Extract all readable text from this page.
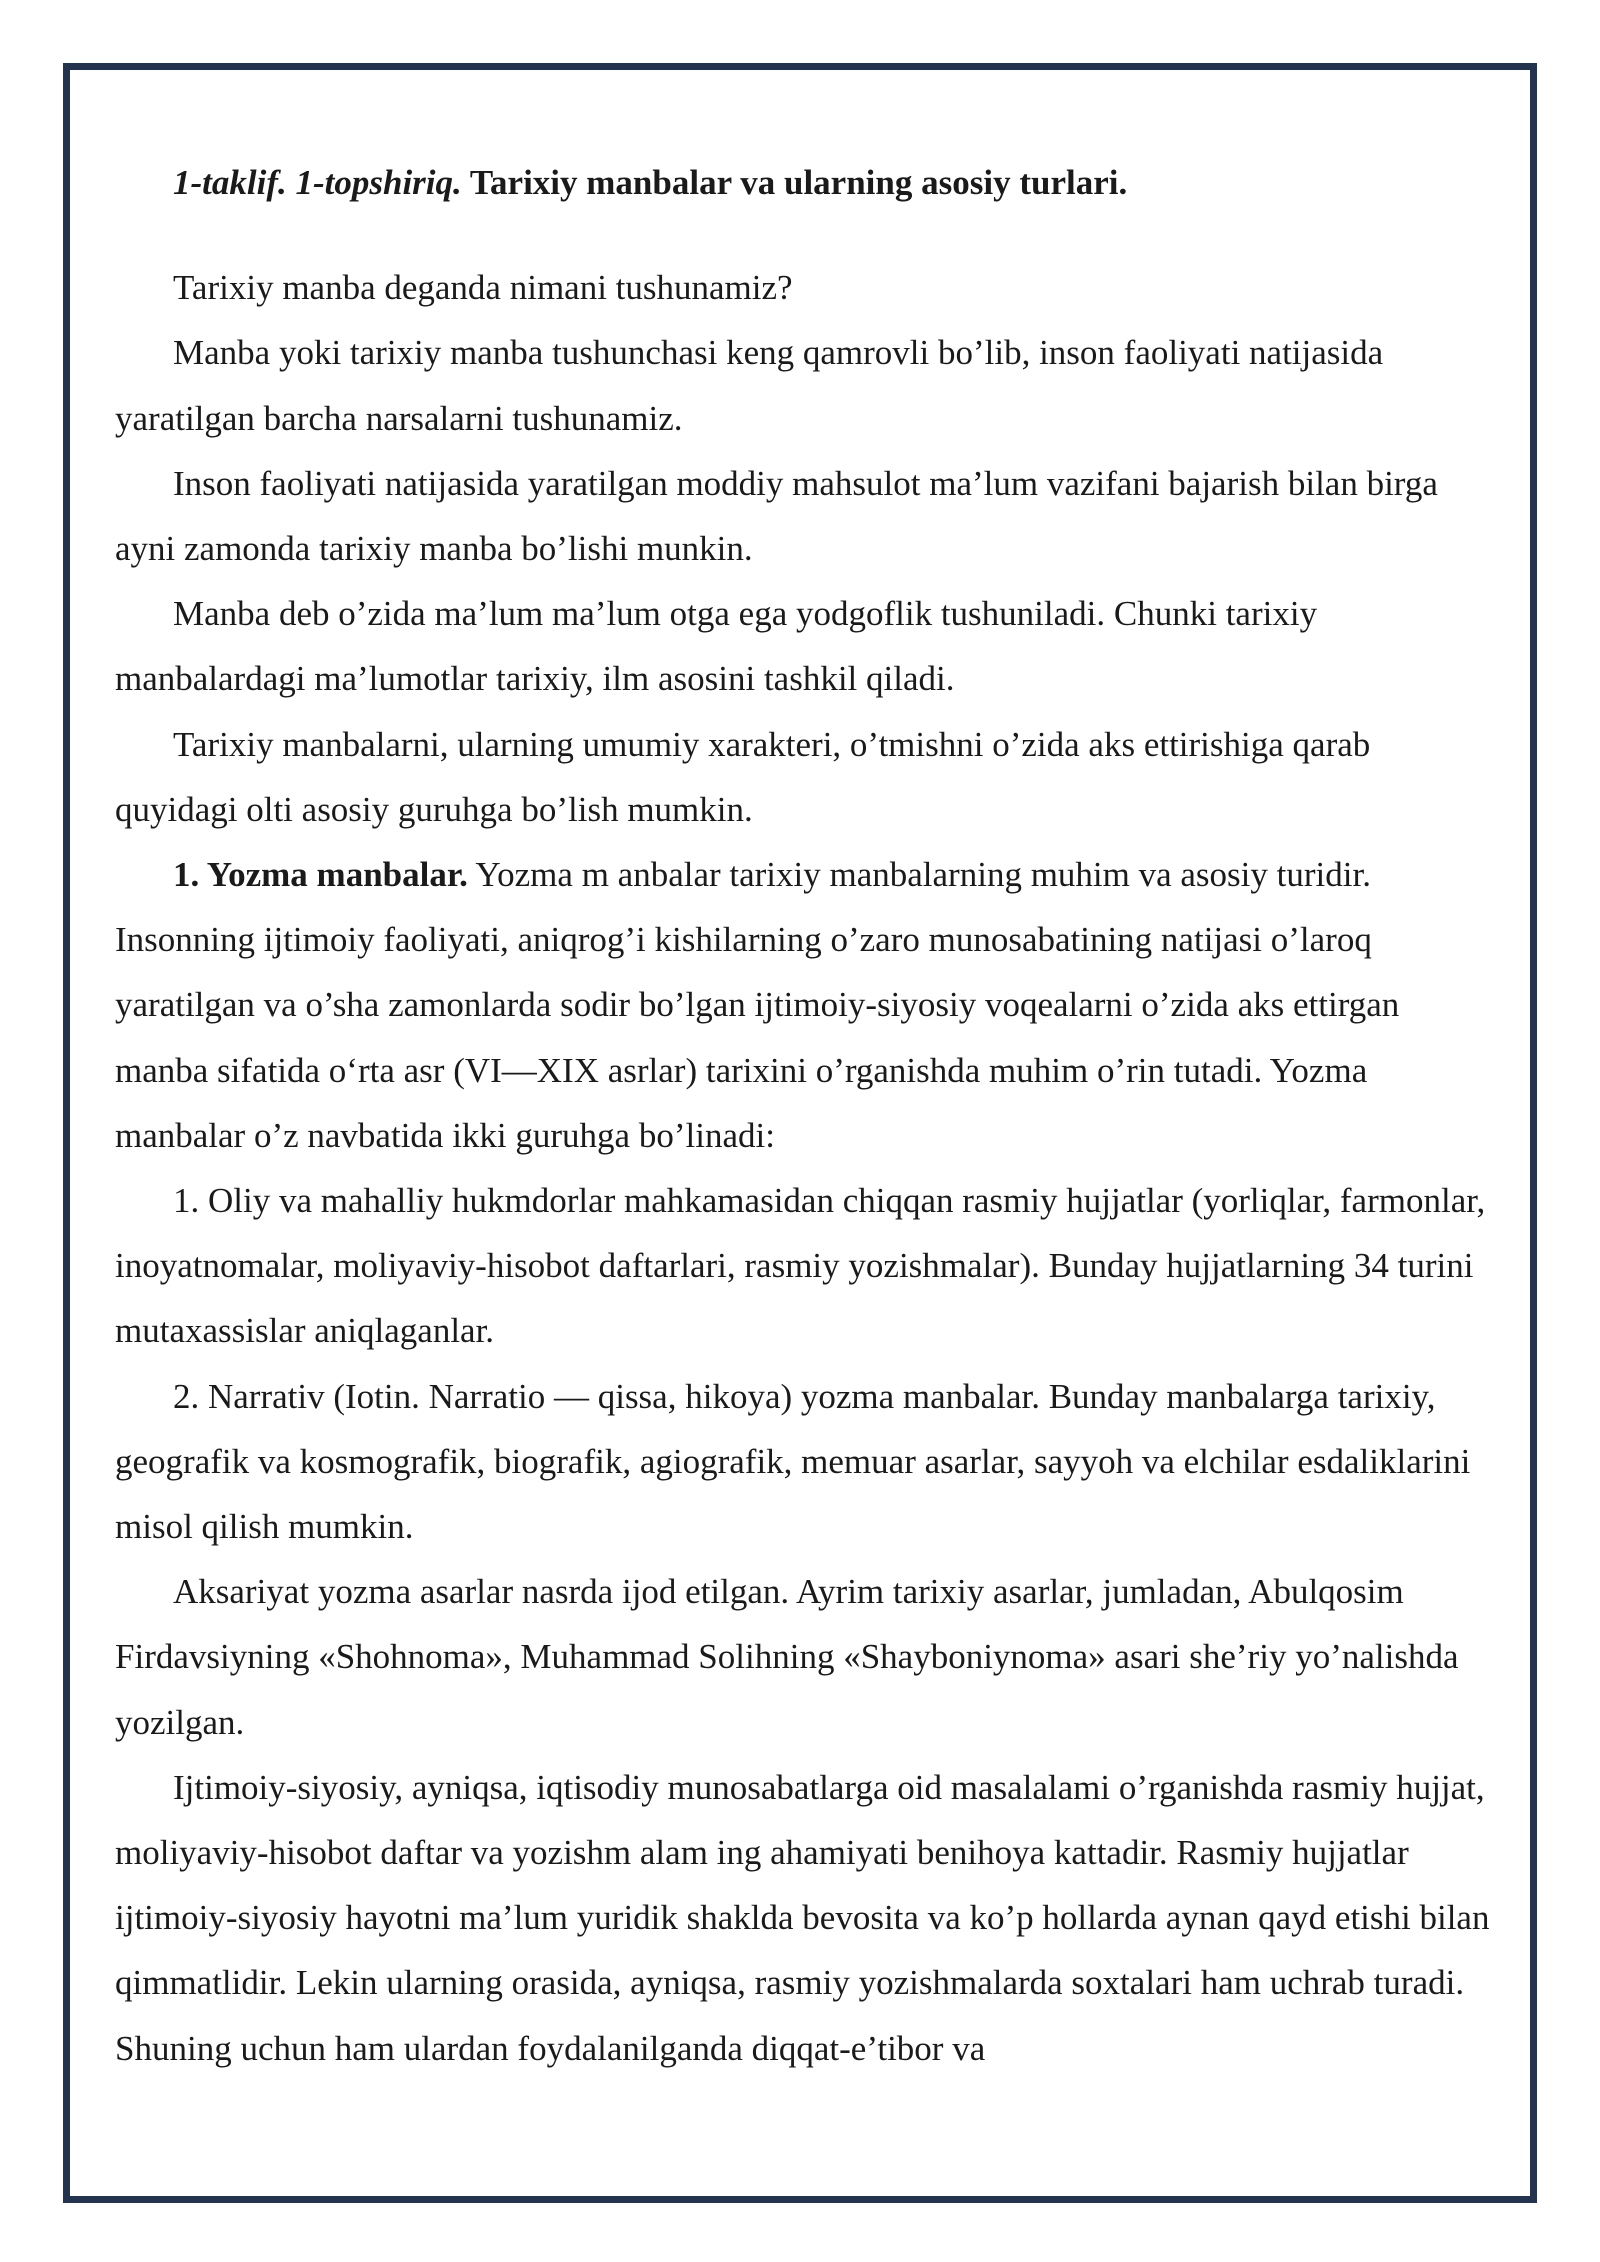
1-taklif. 1-topshiriq. Tarixiy manbalar va ularning asosiy turlari.

Tarixiy manba deganda nimani tushunamiz?

Manba yoki tarixiy manba tushunchasi keng qamrovli bo’lib, inson faoliyati natijasida yaratilgan barcha narsalarni tushunamiz.

Inson faoliyati natijasida yaratilgan moddiy mahsulot ma’lum vazifani bajarish bilan birga ayni zamonda tarixiy manba bo’lishi munkin.

Manba deb o’zida ma’lum ma’lum otga ega yodgoflik tushuniladi. Chunki tarixiy manbalardagi ma’lumotlar tarixiy, ilm asosini tashkil qiladi.

Tarixiy manbalarni, ularning umumiy xarakteri, o’tmishni o’zida aks ettirishiga qarab quyidagi olti asosiy guruhga bo’lish mumkin.

1. Yozma manbalar. Yozma m anbalar tarixiy manbalarning muhim va asosiy turidir. Insonning ijtimoiy faoliyati, aniqrog’i kishilarning o’zaro munosabatining natijasi o’laroq yaratilgan va o’sha zamonlarda sodir bo’lgan ijtimoiy-siyosiy voqealarni o’zida aks ettirgan manba sifatida o‘rta asr (VI—XIX asrlar) tarixini o’rganishda muhim o’rin tutadi. Yozma manbalar o’z navbatida ikki guruhga bo’linadi:

1. Oliy va mahalliy hukmdorlar mahkamasidan chiqqan rasmiy hujjatlar (yorliqlar, farmonlar, inoyatnomalar, moliyaviy-hisobot daftarlari, rasmiy yozishmalar). Bunday hujjatlarning 34 turini mutaxassislar aniqlaganlar.

2. Narrativ (Iotin. Narratio — qissa, hikoya) yozma manbalar. Bunday manbalarga tarixiy, geografik va kosmografik, biografik, agiografik, memuar asarlar, sayyoh va elchilar esdaliklarini misol qilish mumkin.

Aksariyat yozma asarlar nasrda ijod etilgan. Ayrim tarixiy asarlar, jumladan, Abulqosim Firdavsiyning «Shohnoma», Muhammad Solihning «Shayboniynoma» asari she’riy yo’nalishda yozilgan.

Ijtimoiy-siyosiy, ayniqsa, iqtisodiy munosabatlarga oid masalalami o’rganishda rasmiy hujjat, moliyaviy-hisobot daftar va yozishm alam ing ahamiyati benihoya kattadir. Rasmiy hujjatlar ijtimoiy-siyosiy hayotni ma’lum yuridik shaklda bevosita va ko’p hollarda aynan qayd etishi bilan qimmatlidir. Lekin ularning orasida, ayniqsa, rasmiy yozishmalarda soxtalari ham uchrab turadi. Shuning uchun ham ulardan foydalanilganda diqqat-e’tibor va
